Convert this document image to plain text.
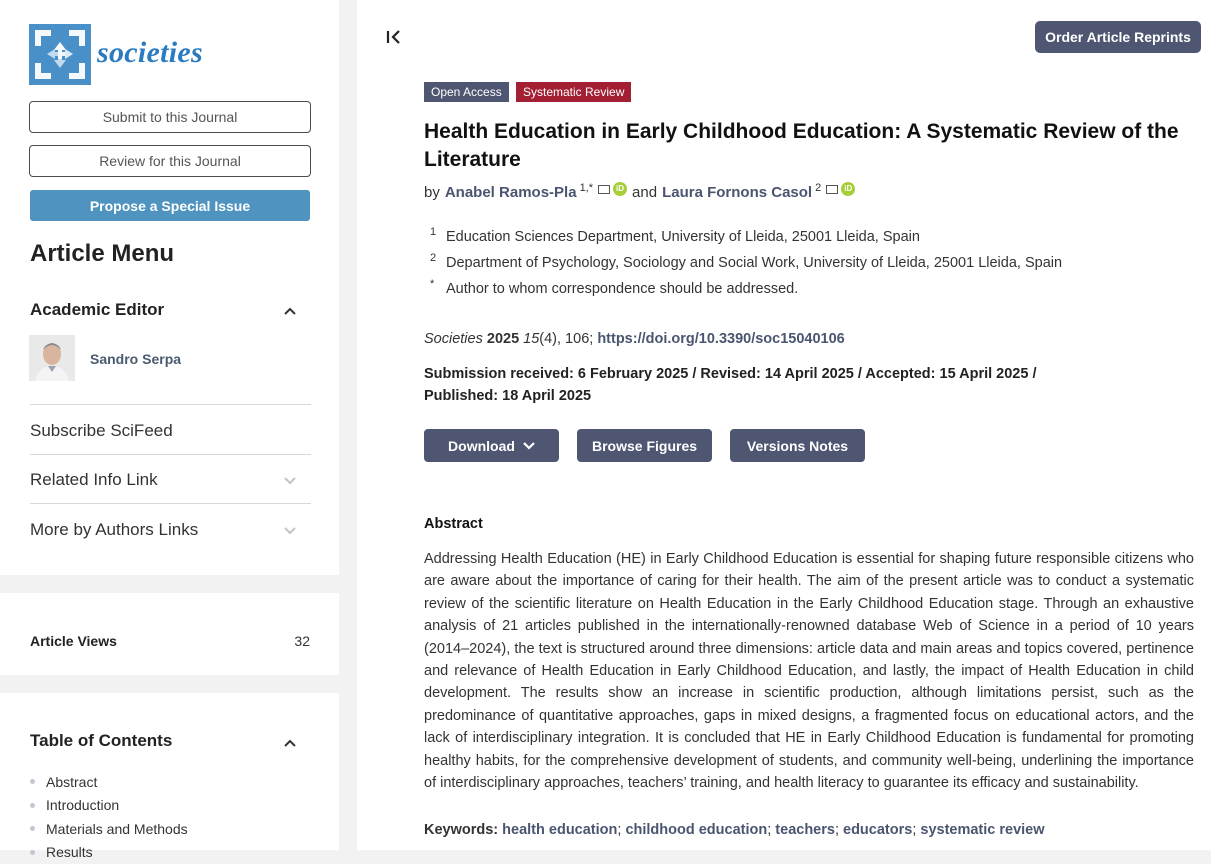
societies
Submit to this Journal
Review for this Journal
Propose a Special Issue
Article Menu
Academic Editor
Sandro Serpa
Subscribe SciFeed
Related Info Link
More by Authors Links
Article Views	32
Table of Contents
Abstract
Introduction
Materials and Methods
Results
Order Article Reprints
Open Access	Systematic Review
Health Education in Early Childhood Education: A Systematic Review of the Literature
by Anabel Ramos-Pla $^{1,*}$	iD and Laura Fornons Casol $^2$	iD
1 Education Sciences Department, University of Lleida, 25001 Lleida, Spain
2 Department of Psychology, Sociology and Social Work, University of Lleida, 25001 Lleida, Spain
* Author to whom correspondence should be addressed.
Societies 2025 15(4), 106; https://doi.org/10.3390/soc15040106
Submission received: 6 February 2025 / Revised: 14 April 2025 / Accepted: 15 April 2025 /
Published: 18 April 2025
Download	Browse Figures	Versions Notes
Abstract
Addressing Health Education (HE) in Early Childhood Education is essential for shaping future responsible citizens who are aware about the importance of caring for their health. The aim of the present article was to conduct a systematic review of the scientific literature on Health Education in the Early Childhood Education stage. Through an exhaustive analysis of 21 articles published in the internationally-renowned database Web of Science in a period of 10 years (2014–2024), the text is structured around three dimensions: article data and main areas and topics covered, pertinence and relevance of Health Education in Early Childhood Education, and lastly, the impact of Health Education in child development. The results show an increase in scientific production, although limitations persist, such as the predominance of quantitative approaches, gaps in mixed designs, a fragmented focus on educational actors, and the lack of interdisciplinary integration. It is concluded that HE in Early Childhood Education is fundamental for promoting healthy habits, for the comprehensive development of students, and community well-being, underlining the importance of interdisciplinary approaches, teachers’ training, and health literacy to guarantee its efficacy and sustainability.
Keywords: health education; childhood education; teachers; educators; systematic review
